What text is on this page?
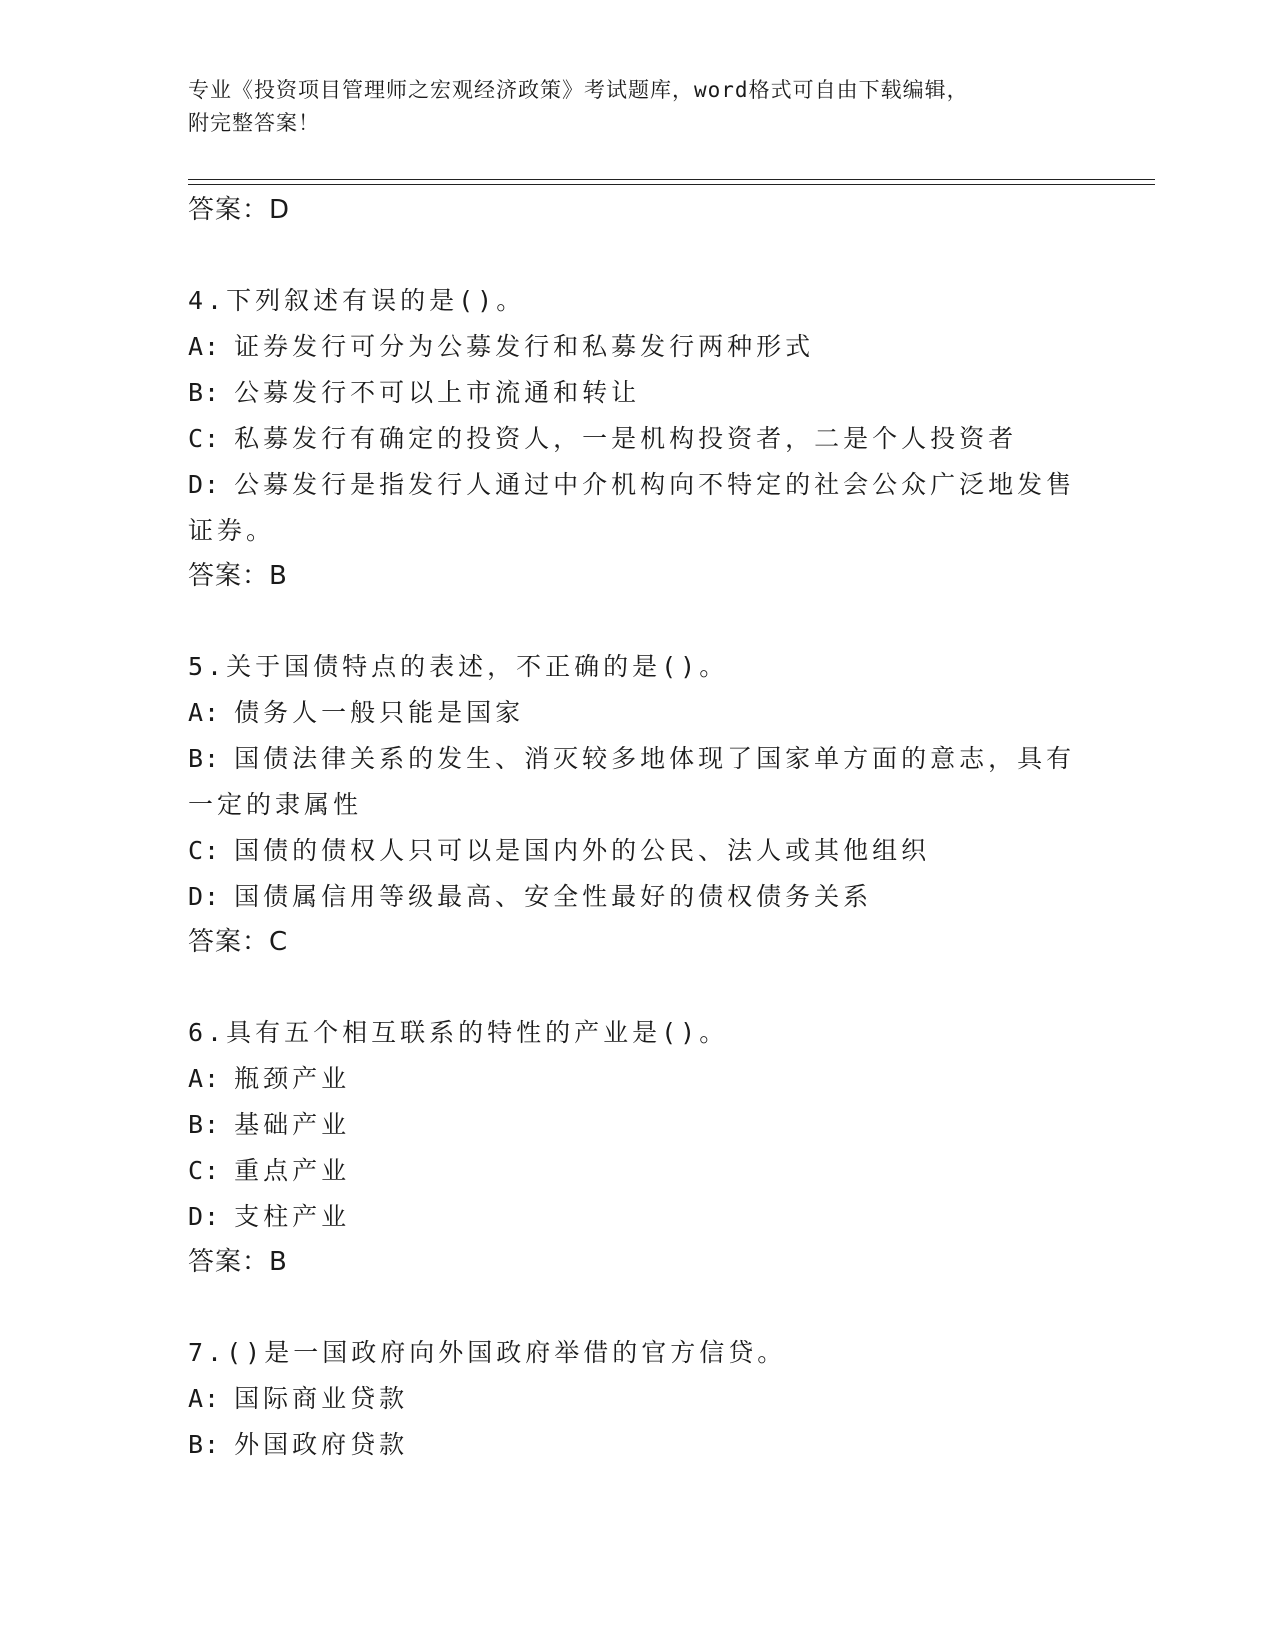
专业《投资项目管理师之宏观经济政策》考试题库，word格式可自由下载编辑，
附完整答案！
答案：D
4.下列叙述有误的是()。
A: 证券发行可分为公募发行和私募发行两种形式
B: 公募发行不可以上市流通和转让
C: 私募发行有确定的投资人，一是机构投资者，二是个人投资者
D: 公募发行是指发行人通过中介机构向不特定的社会公众广泛地发售
证券。
答案：B
5.关于国债特点的表述，不正确的是()。
A: 债务人一般只能是国家
B: 国债法律关系的发生、消灭较多地体现了国家单方面的意志，具有
一定的隶属性
C: 国债的债权人只可以是国内外的公民、法人或其他组织
D: 国债属信用等级最高、安全性最好的债权债务关系
答案：C
6.具有五个相互联系的特性的产业是()。
A: 瓶颈产业
B: 基础产业
C: 重点产业
D: 支柱产业
答案：B
7.()是一国政府向外国政府举借的官方信贷。
A: 国际商业贷款
B: 外国政府贷款
